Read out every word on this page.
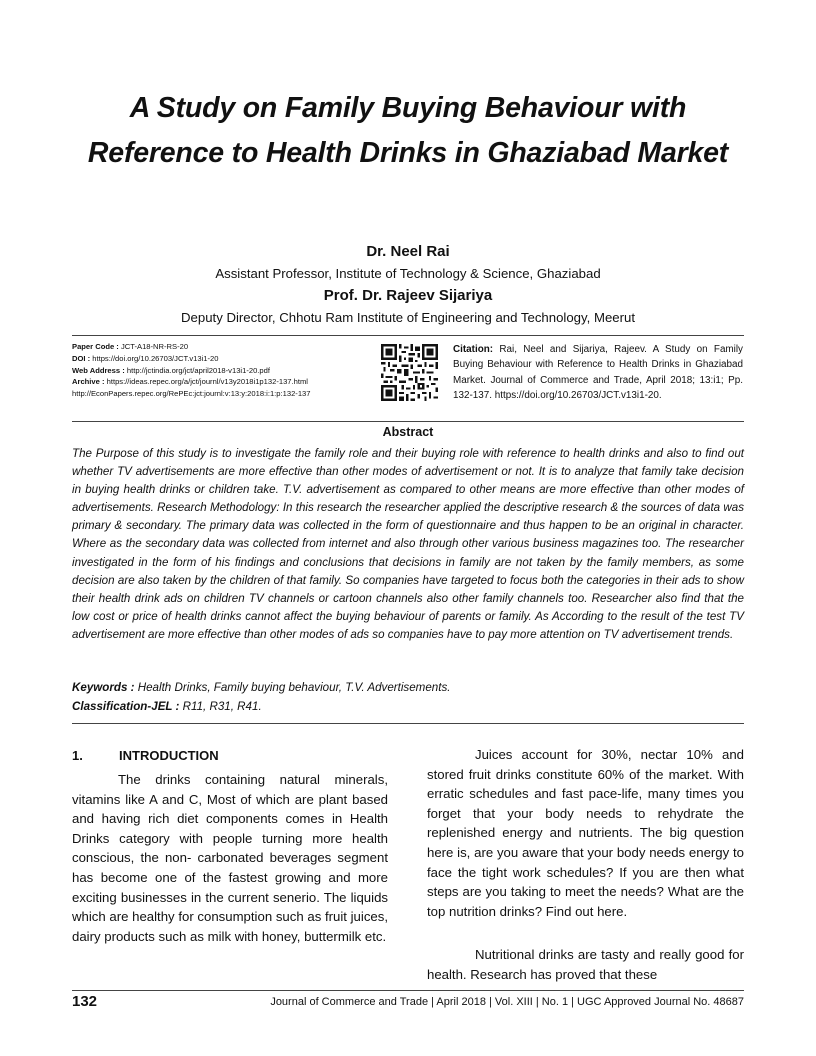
A Study on Family Buying Behaviour with
Reference to Health Drinks in Ghaziabad Market
Dr. Neel Rai
Assistant Professor, Institute of Technology & Science, Ghaziabad
Prof. Dr. Rajeev Sijariya
Deputy Director, Chhotu Ram Institute of Engineering and Technology, Meerut
Paper Code : JCT-A18-NR-RS-20
DOI : https://doi.org/10.26703/JCT.v13i1-20
Web Address : http://jctindia.org/jct/april2018-v13i1-20.pdf
Archive : https://ideas.repec.org/a/jct/journl/v13y2018i1p132-137.html
http://EconPapers.repec.org/RePEc:jct:journl:v:13:y:2018:i:1:p:132-137
Citation: Rai, Neel and Sijariya, Rajeev. A Study on Family Buying Behaviour with Reference to Health Drinks in Ghaziabad Market. Journal of Commerce and Trade, April 2018; 13:i1; Pp. 132-137. https://doi.org/10.26703/JCT.v13i1-20.
Abstract
The Purpose of this study is to investigate the family role and their buying role with reference to health drinks and also to find out whether TV advertisements are more effective than other modes of advertisement or not. It is to analyze that family take decision in buying health drinks or children take. T.V. advertisement as compared to other means are more effective than other modes of advertisements. Research Methodology: In this research the researcher applied the descriptive research & the sources of data was primary & secondary. The primary data was collected in the form of questionnaire and thus happen to be an original in character. Where as the secondary data was collected from internet and also through other various business magazines too. The researcher investigated in the form of his findings and conclusions that decisions in family are not taken by the family members, as some decision are also taken by the children of that family. So companies have targeted to focus both the categories in their ads to show their health drink ads on children TV channels or cartoon channels also other family channels too. Researcher also find that the low cost or price of health drinks cannot affect the buying behaviour of parents or family. As According to the result of the test TV advertisement are more effective than other modes of ads so companies have to pay more attention on TV advertisement trends.
Keywords : Health Drinks, Family buying behaviour, T.V. Advertisements.
Classification-JEL : R11, R31, R41.
1.	INTRODUCTION
The drinks containing natural minerals, vitamins like A and C, Most of which are plant based and having rich diet components comes in Health Drinks category with people turning more health conscious, the non- carbonated beverages segment has become one of the fastest growing and more exciting businesses in the current senerio. The liquids which are healthy for consumption such as fruit juices, dairy products such as milk with honey, buttermilk etc.
Juices account for 30%, nectar 10% and stored fruit drinks constitute 60% of the market. With erratic schedules and fast pace-life, many times you forget that your body needs to rehydrate the replenished energy and nutrients. The big question here is, are you aware that your body needs energy to face the tight work schedules? If you are then what steps are you taking to meet the needs? What are the top nutrition drinks? Find out here.
Nutritional drinks are tasty and really good for health. Research has proved that these
132	Journal of Commerce and Trade | April 2018 | Vol. XIII | No. 1 | UGC Approved Journal No. 48687
